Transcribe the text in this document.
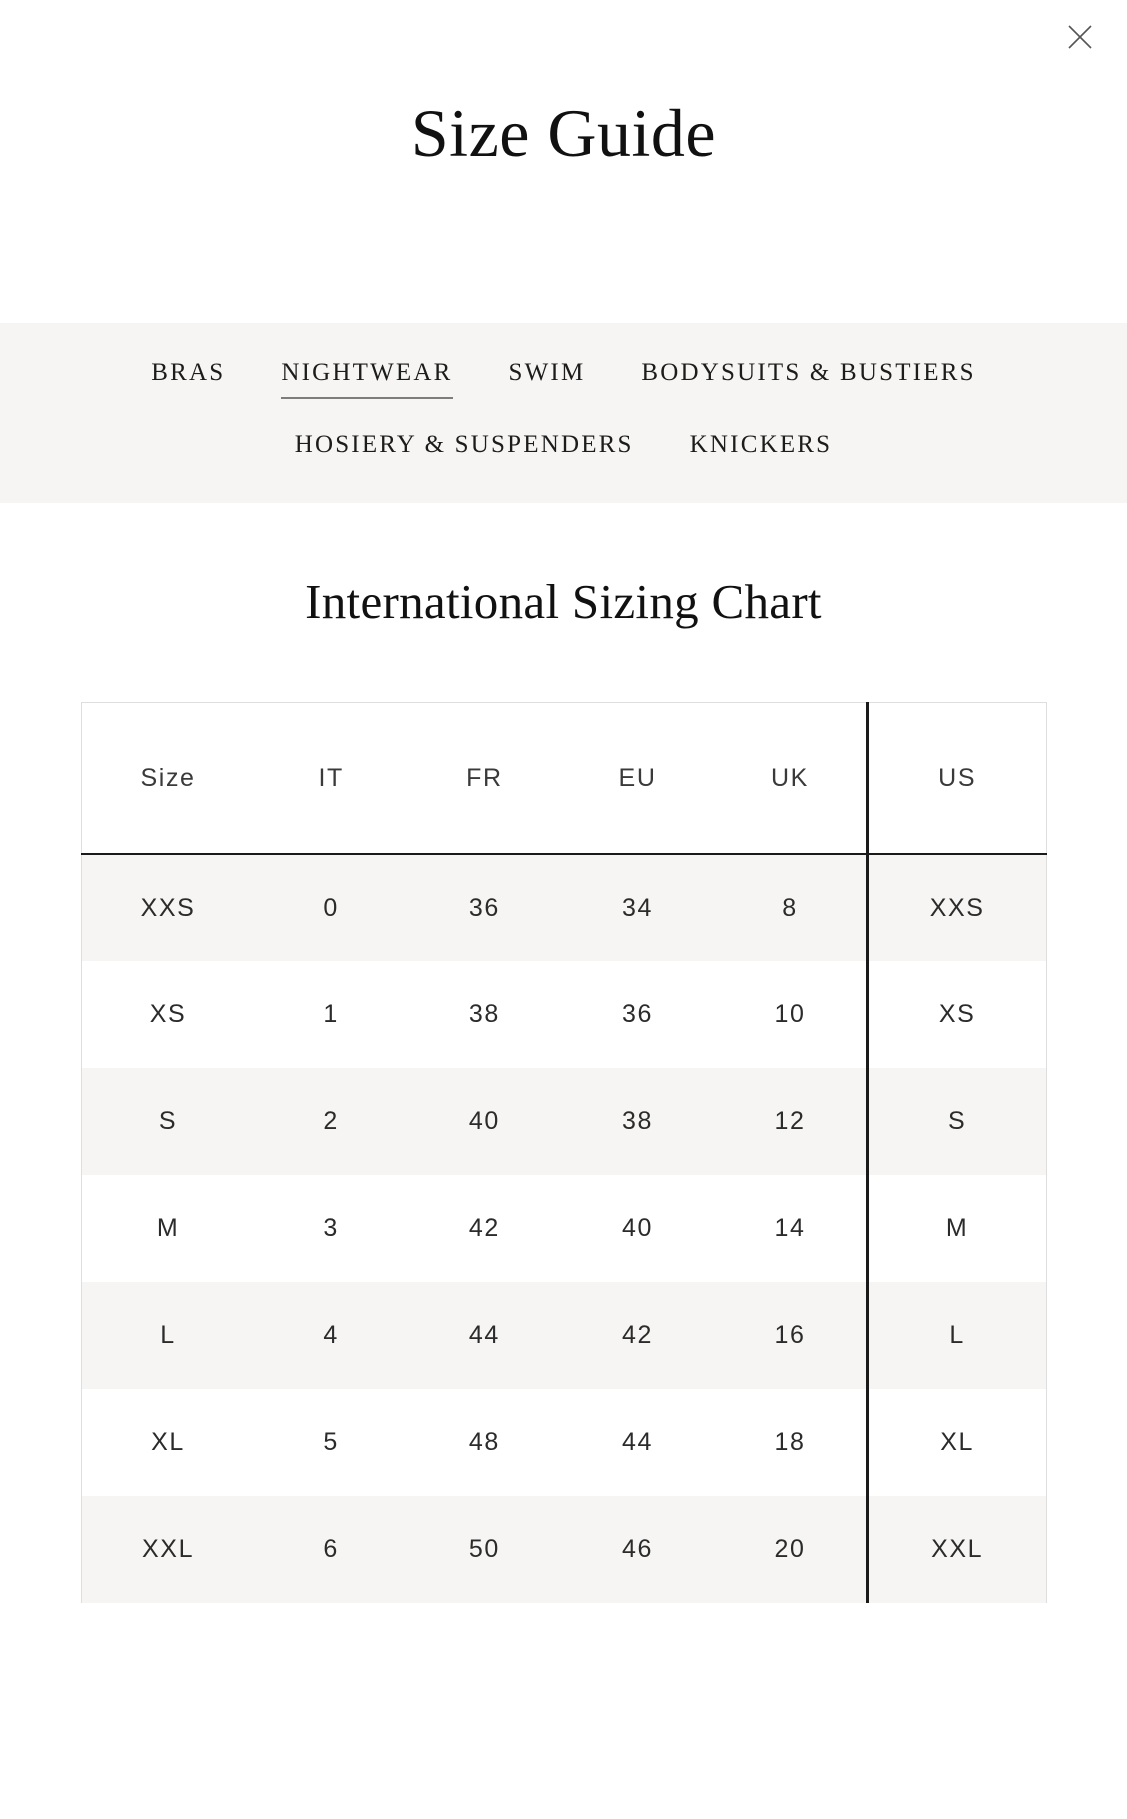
Size Guide
BRAS NIGHTWEAR SWIM BODYSUITS & BUSTIERS
HOSIERY & SUSPENDERS KNICKERS
International Sizing Chart
Size	IT	FR	EU	UK	US
XXS	0	36	34	8	XXS
XS	1	38	36	10	XS
S	2	40	38	12	S
M	3	42	40	14	M
L	4	44	42	16	L
XL	5	48	44	18	XL
XXL	6	50	46	20	XXL
